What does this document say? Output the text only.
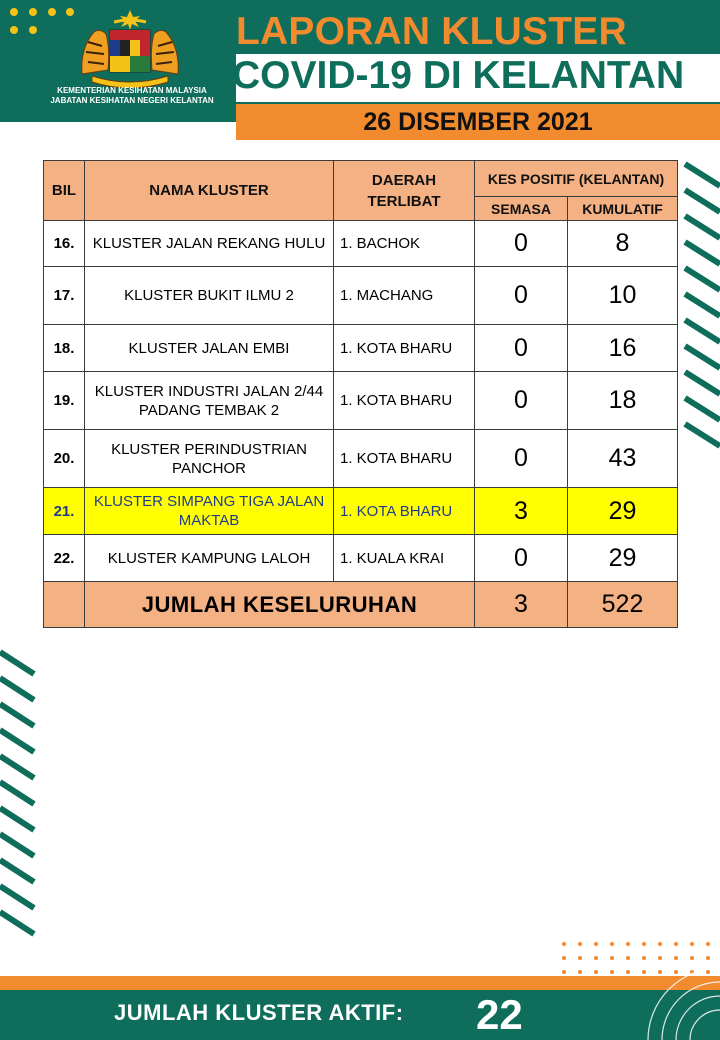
KEMENTERIAN KESIHATAN MALAYSIA
JABATAN KESIHATAN NEGERI KELANTAN
LAPORAN KLUSTER
COVID-19 DI KELANTAN
26 DISEMBER 2021
BIL	NAMA KLUSTER	DAERAH TERLIBAT	KES POSITIF (KELANTAN)	
			SEMASA	KUMULATIF
16.	KLUSTER JALAN REKANG HULU	1. BACHOK	0	8
17.	KLUSTER BUKIT ILMU 2	1. MACHANG	0	10
18.	KLUSTER JALAN EMBI	1. KOTA BHARU	0	16
19.	KLUSTER INDUSTRI JALAN 2/44 PADANG TEMBAK 2	1. KOTA BHARU	0	18
20.	KLUSTER PERINDUSTRIAN PANCHOR	1. KOTA BHARU	0	43
21.	KLUSTER SIMPANG TIGA JALAN MAKTAB	1. KOTA BHARU	3	29
22.	KLUSTER KAMPUNG LALOH	1. KUALA KRAI	0	29
	JUMLAH KESELURUHAN		3	522
JUMLAH KLUSTER AKTIF: 22
